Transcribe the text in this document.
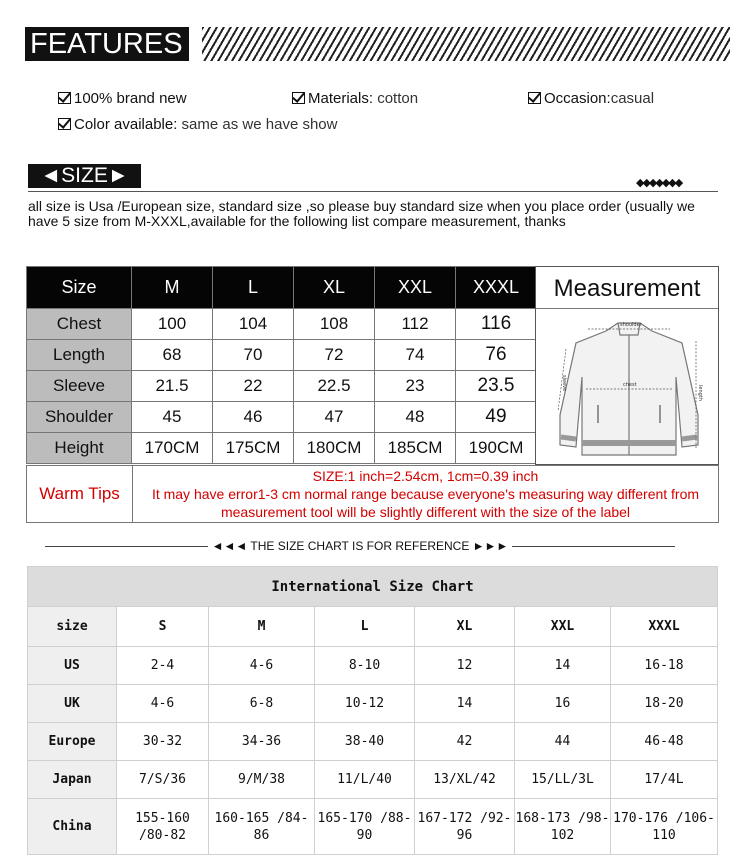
FEATURES
100% brand new	Materials: cotton	Occasion:casual
Color available: same as we have show
◄SIZE►	◆◆◆◆◆◆◆
all size is Usa /European size, standard size ,so please buy standard size when you place order (usually we have 5 size from M-XXXL,available for the following list compare measurement, thanks
Size	M	L	XL	XXL	XXXL
Chest	100	104	108	112	116
Length	68	70	72	74	76
Sleeve	21.5	22	22.5	23	23.5
Shoulder	45	46	47	48	49
Height	170CM	175CM	180CM	185CM	190CM
Measurement
shoulder
chest
sleeve
length
Warm Tips
SIZE:1 inch=2.54cm, 1cm=0.39 inch
It may have error1-3 cm normal range because everyone's measuring way different from measurement tool will be slightly different with the size of the label
◄◄◄ THE SIZE CHART IS FOR REFERENCE ►►►
International Size Chart						
size	S	M	L	XL	XXL	XXXL
US	2-4	4-6	8-10	12	14	16-18
UK	4-6	6-8	10-12	14	16	18-20
Europe	30-32	34-36	38-40	42	44	46-48
Japan	7/S/36	9/M/38	11/L/40	13/XL/42	15/LL/3L	17/4L
China	155-160 /80-82	160-165 /84-86	165-170 /88-90	167-172 /92-96	168-173 /98-102	170-176 /106-110
